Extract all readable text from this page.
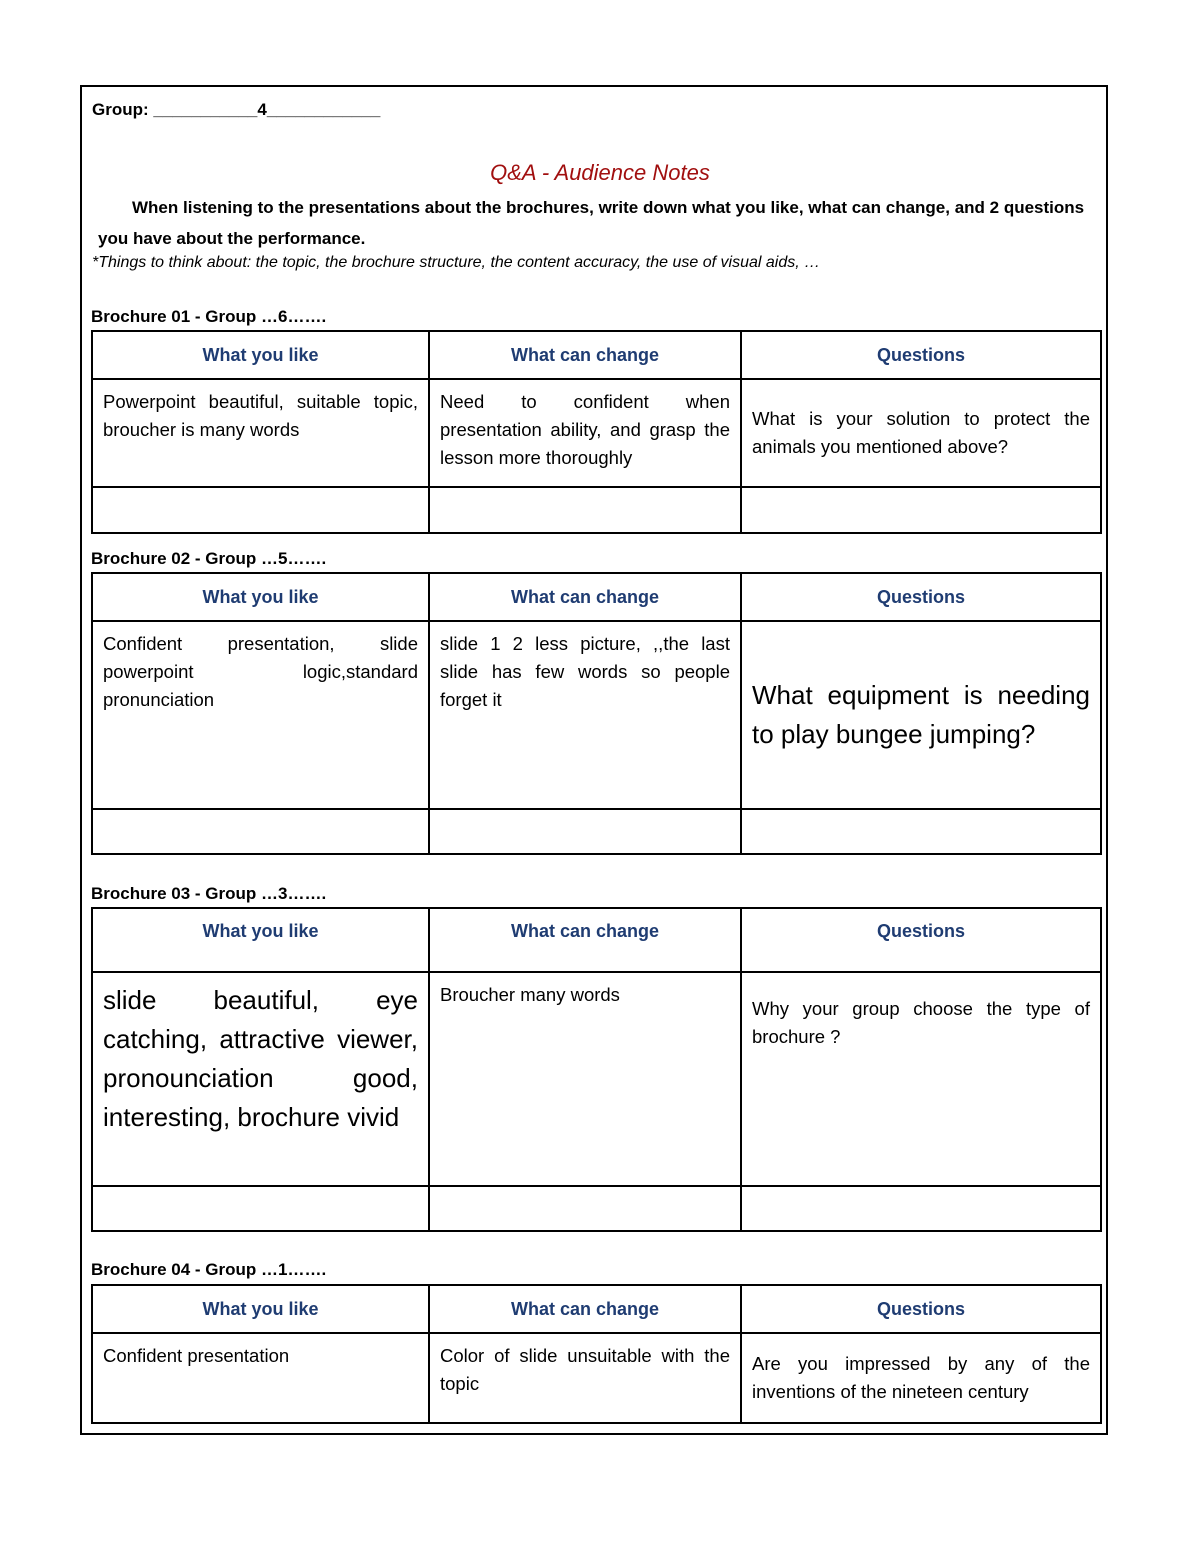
Group: ___________4____________
Q&A - Audience Notes
When listening to the presentations about the brochures, write down what you like, what can change, and 2 questions you have about the performance.
*Things to think about: the topic, the brochure structure, the content accuracy, the use of visual aids, …
Brochure 01 - Group …6…….
What you like	What can change	Questions
Powerpoint beautiful, suitable topic, broucher is many words	Need to confident when presentation ability, and grasp the lesson more thoroughly	What is your solution to protect the animals you mentioned above?

Brochure 02 - Group …5…….
What you like	What can change	Questions
Confident presentation, slide powerpoint logic,standard pronunciation	slide 1 2 less picture, ,,the last slide has few words so people forget it	What equipment is needing to play bungee jumping?

Brochure 03 - Group …3…….
What you like	What can change	Questions
slide beautiful, eye catching, attractive viewer, pronounciation good, interesting, brochure vivid	Broucher many words	Why your group choose the type of brochure ?

Brochure 04 - Group …1…….
What you like	What can change	Questions
Confident presentation	Color of slide unsuitable with the topic	Are you impressed by any of the inventions of the nineteen century
